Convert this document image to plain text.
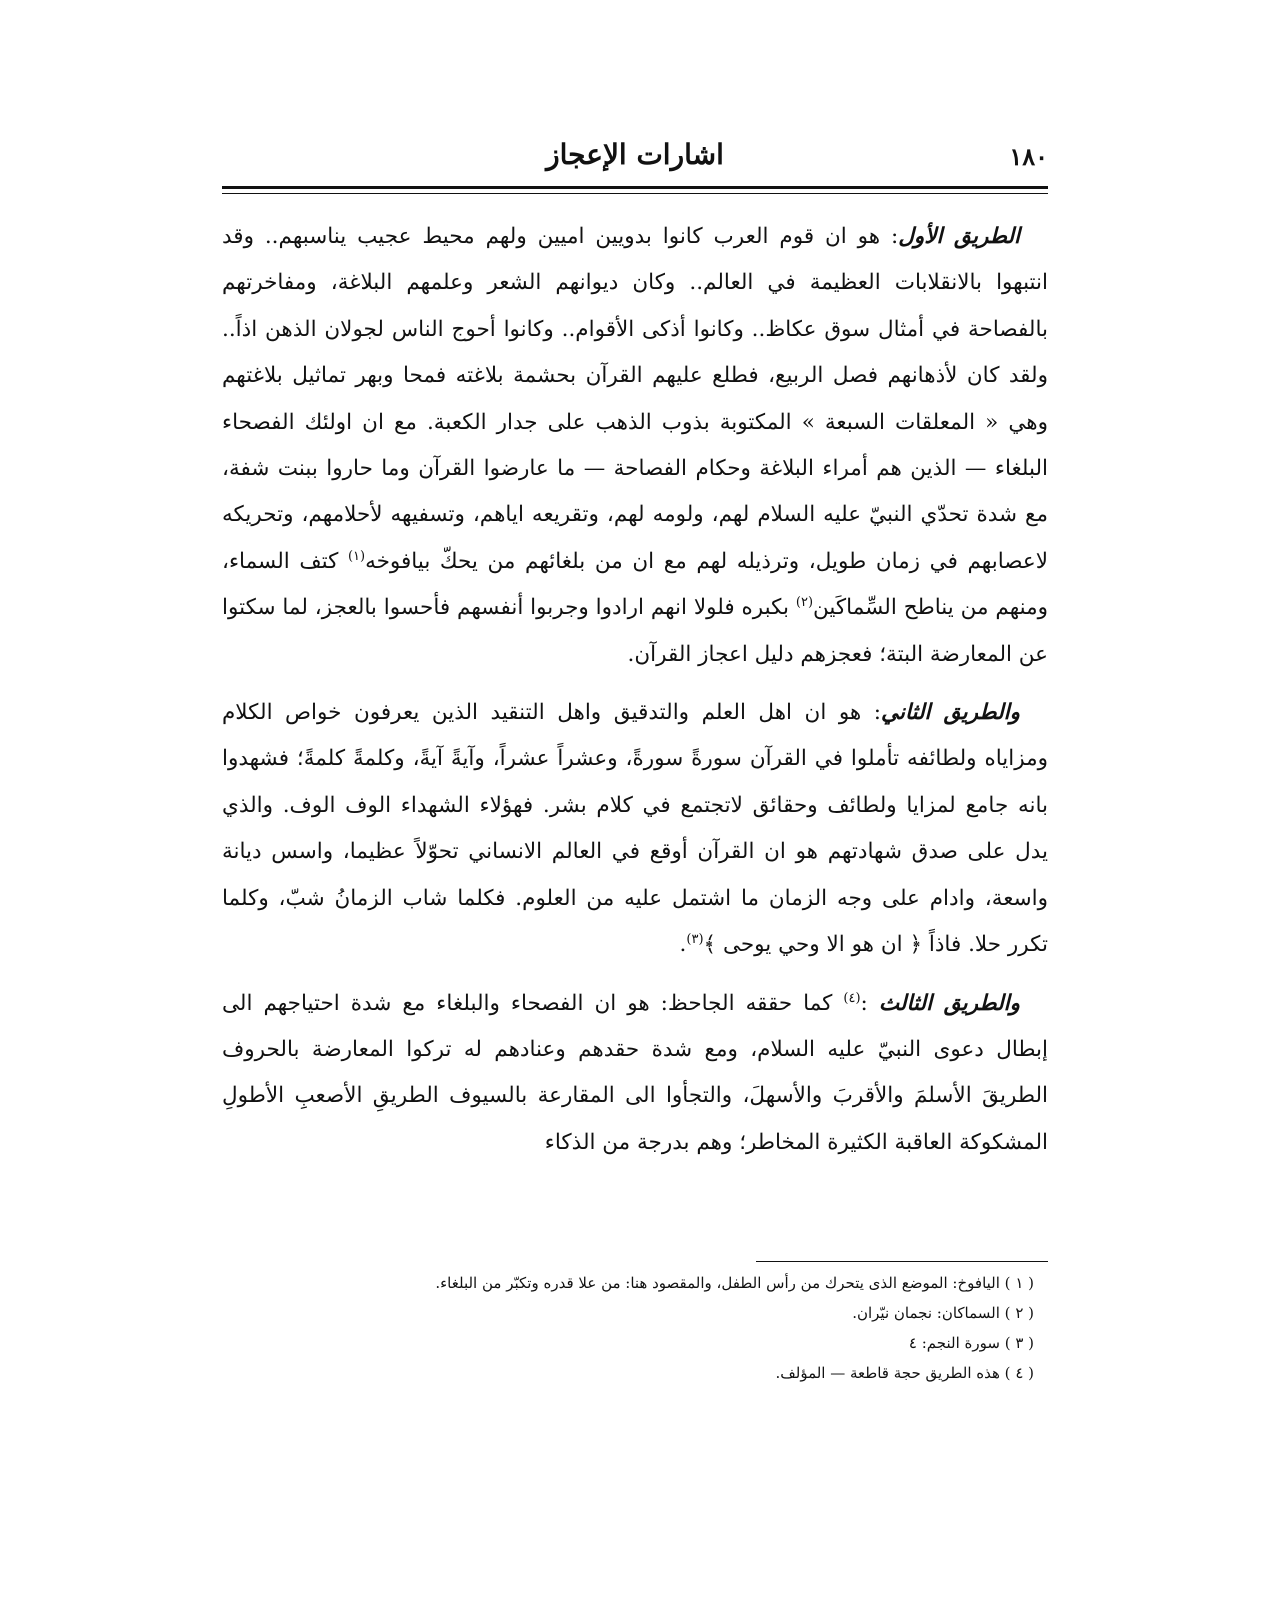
١٨٠
اشارات الإعجاز

الطريق الأول: هو ان قوم العرب كانوا بدويين اميين ولهم محيط عجيب يناسبهم.. وقد انتبهوا بالانقلابات العظيمة في العالم.. وكان ديوانهم الشعر وعلمهم البلاغة، ومفاخرتهم بالفصاحة في أمثال سوق عكاظ.. وكانوا أذكى الأقوام.. وكانوا أحوج الناس لجولان الذهن اذاً.. ولقد كان لأذهانهم فصل الربيع، فطلع عليهم القرآن بحشمة بلاغته فمحا وبهر تماثيل بلاغتهم وهي « المعلقات السبعة » المكتوبة بذوب الذهب على جدار الكعبة. مع ان اولئك الفصحاء البلغاء — الذين هم أمراء البلاغة وحكام الفصاحة — ما عارضوا القرآن وما حاروا ببنت شفة، مع شدة تحدّي النبيّ عليه السلام لهم، ولومه لهم، وتقريعه اياهم، وتسفيهه لأحلامهم، وتحريكه لاعصابهم في زمان طويل، وترذيله لهم مع ان من بلغائهم من يحكّ بيافوخه$^{(١)}$ كتف السماء، ومنهم من يناطح السِّماكَين$^{(٢)}$ بكبره فلولا انهم ارادوا وجربوا أنفسهم فأحسوا بالعجز، لما سكتوا عن المعارضة البتة؛ فعجزهم دليل اعجاز القرآن.

والطريق الثاني: هو ان اهل العلم والتدقيق واهل التنقيد الذين يعرفون خواص الكلام ومزاياه ولطائفه تأملوا في القرآن سورةً سورةً، وعشراً عشراً، وآيةً آيةً، وكلمةً كلمةً؛ فشهدوا بانه جامع لمزايا ولطائف وحقائق لاتجتمع في كلام بشر. فهؤلاء الشهداء الوف الوف. والذي يدل على صدق شهادتهم هو ان القرآن أوقع في العالم الانساني تحوّلاً عظيما، واسس ديانة واسعة، وادام على وجه الزمان ما اشتمل عليه من العلوم. فكلما شاب الزمانُ شبّ، وكلما تكرر حلا. فاذاً ﴿ ان هو الا وحي يوحى ﴾$^{(٣)}$.

والطريق الثالث :$^{(٤)}$ كما حققه الجاحظ: هو ان الفصحاء والبلغاء مع شدة احتياجهم الى إبطال دعوى النبيّ عليه السلام، ومع شدة حقدهم وعنادهم له تركوا المعارضة بالحروف الطريقَ الأسلمَ والأقربَ والأسهلَ، والتجأوا الى المقارعة بالسيوف الطريقِ الأصعبِ الأطولِ المشكوكة العاقبة الكثيرة المخاطر؛ وهم بدرجة من الذكاء

( ١ ) اليافوخ: الموضع الذى يتحرك من رأس الطفل، والمقصود هنا: من علا قدره وتكبّر من البلغاء.

( ٢ ) السماكان: نجمان نيّران.

( ٣ ) سورة النجم: ٤

( ٤ ) هذه الطريق حجة قاطعة — المؤلف.
